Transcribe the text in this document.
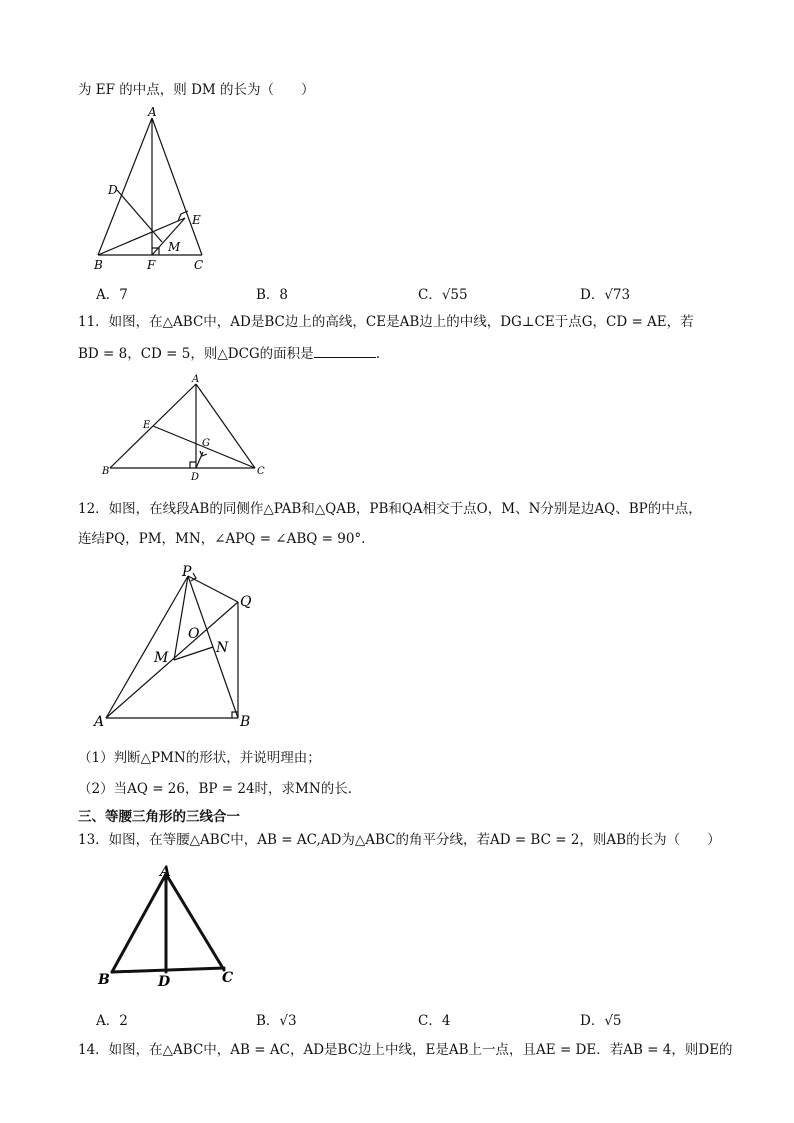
为 EF 的中点，则 DM 的长为（　　）
A
D
E
M
B	F	C
A．7	B．8	C．√55	D．√73
11．如图，在△ABC中，AD是BC边上的高线，CE是AB边上的中线，DG⊥CE于点G，CD = AE，若
BD = 8，CD = 5，则△DCG的面积是	.
A
E
G
B
D
C
12．如图，在线段AB的同侧作△PAB和△QAB，PB和QA相交于点O，M、N分别是边AQ、BP的中点，
连结PQ，PM，MN，∠APQ = ∠ABQ = 90°．
P
Q
O
N
M
A	B
（1）判断△PMN的形状，并说明理由；
（2）当AQ = 26，BP = 24时，求MN的长．
三、等腰三角形的三线合一
13．如图，在等腰△ABC中，AB = AC,AD为△ABC的角平分线，若AD = BC = 2，则AB的长为（　　）
A
B	D	C
A．2	B．√3	C．4	D．√5
14．如图，在△ABC中，AB = AC，AD是BC边上中线，E是AB上一点，且AE = DE．若AB = 4，则DE的
